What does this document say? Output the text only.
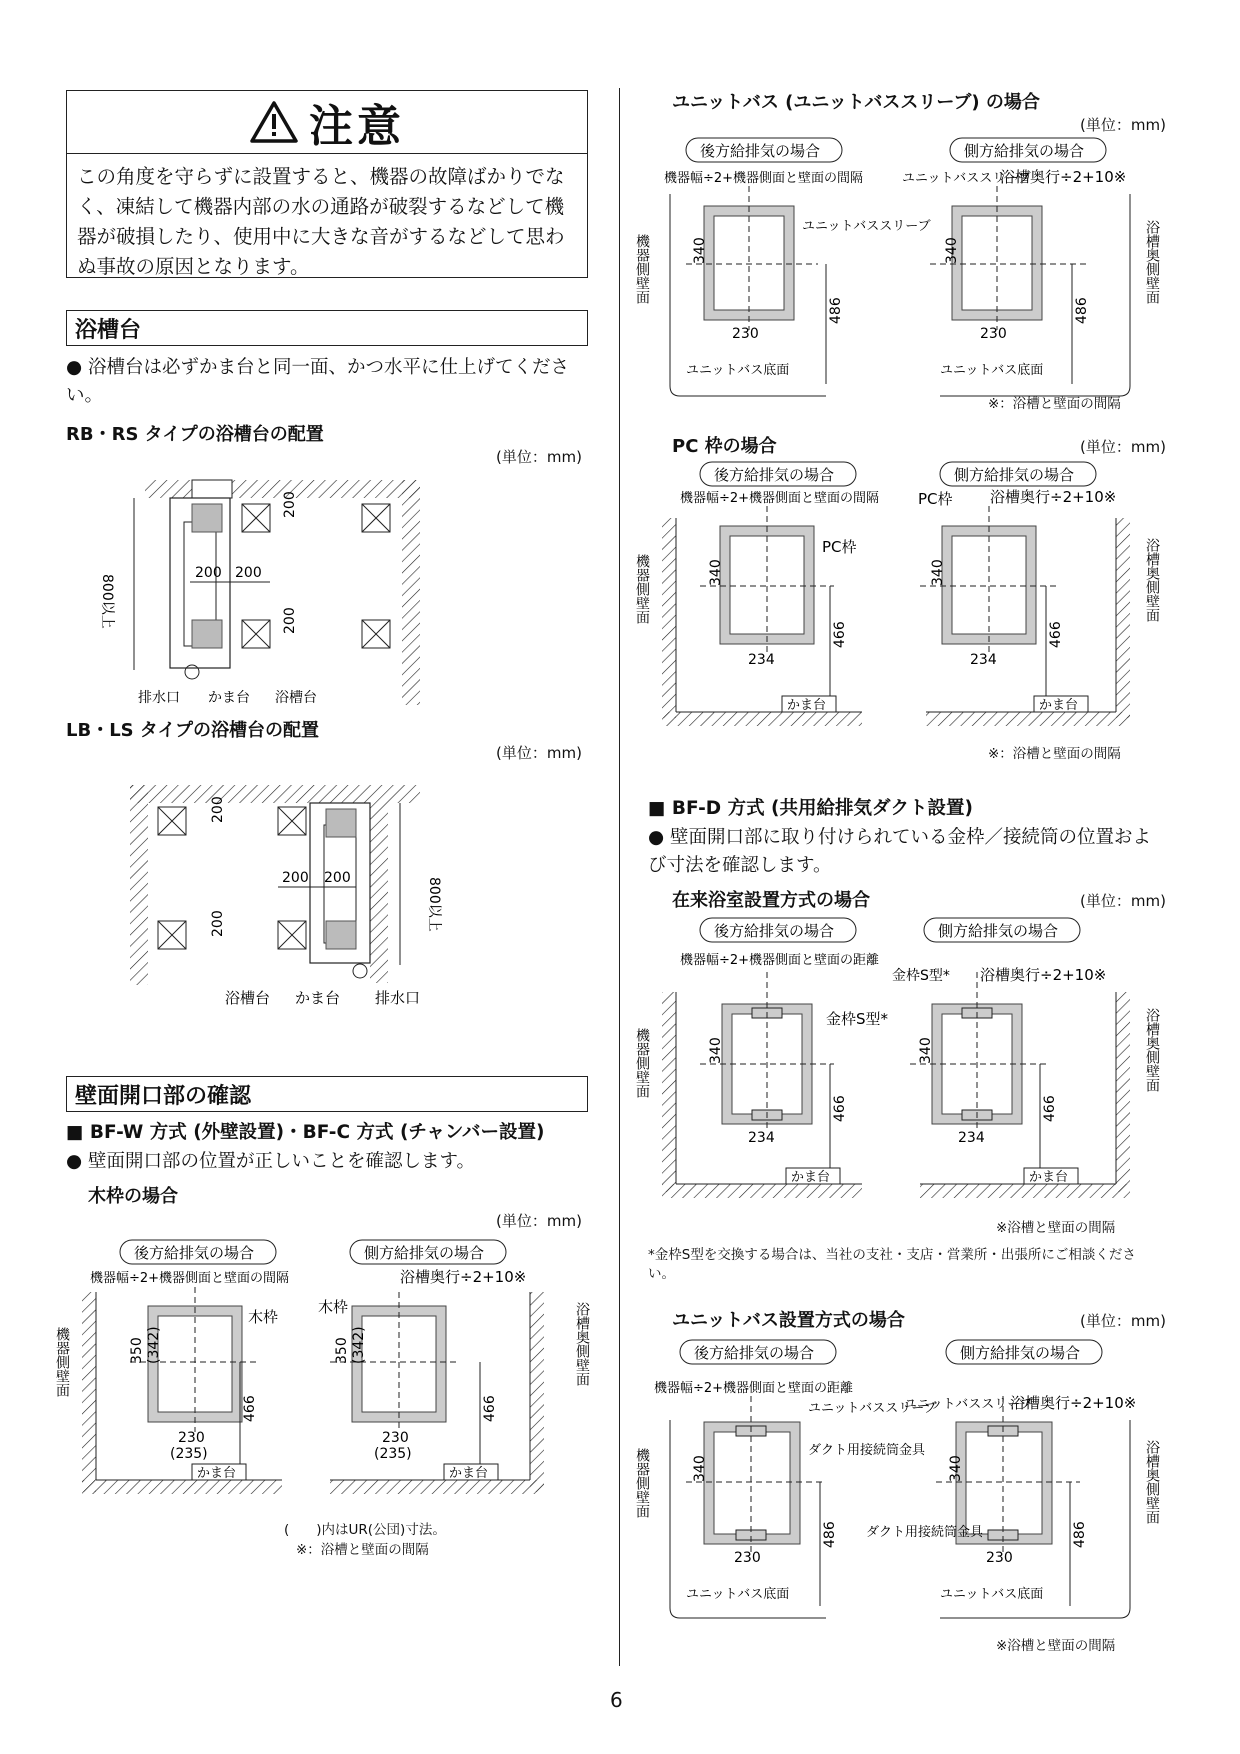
注意
この角度を守らずに設置すると、機器の故障ばかりでなく、凍結して機器内部の水の通路が破裂するなどして機器が破損したり、使用中に大きな音がするなどして思わぬ事故の原因となります。
浴槽台
● 浴槽台は必ずかま台と同一面、かつ水平に仕上げてください。
RB・RS タイプの浴槽台の配置
(単位：mm)
800以上
200 200
200
200
排水口 かま台 浴槽台
LB・LS タイプの浴槽台の配置
(単位：mm)
800以上
200
200
200 200
浴槽台 かま台 排水口
壁面開口部の確認
■ BF-W 方式 (外壁設置)・BF-C 方式 (チャンバー設置)
● 壁面開口部の位置が正しいことを確認します。
木枠の場合
(単位：mm)
後方給排気の場合	側方給排気の場合
機器幅÷2+機器側面と壁面の間隔	浴槽奥行÷2+10※
機器側壁面
木枠
350 (342)
230
(235)
466
かま台
浴槽奥側壁面
木枠
350 (342)
230
(235)
466
かま台
(　　)内はUR(公団)寸法。
※：浴槽と壁面の間隔
ユニットバス (ユニットバススリーブ) の場合
(単位：mm)
後方給排気の場合	側方給排気の場合
機器幅÷2+機器側面と壁面の間隔	浴槽奥行÷2+10※
機器側壁面	浴槽奥側壁面
ユニットバススリーブ
340
230
486
ユニットバス底面
ユニットバススリーブ
340
230
486
ユニットバス底面
※：浴槽と壁面の間隔
PC 枠の場合	(単位：mm)
後方給排気の場合	側方給排気の場合
機器幅÷2+機器側面と壁面の間隔	浴槽奥行÷2+10※
機器側壁面
PC枠
340
234
466
かま台
浴槽奥側壁面
PC枠
340
234
466
かま台
※：浴槽と壁面の間隔
■ BF-D 方式 (共用給排気ダクト設置)
● 壁面開口部に取り付けられている金枠／接続筒の位置および寸法を確認します。
在来浴室設置方式の場合	(単位：mm)
後方給排気の場合	側方給排気の場合
機器幅÷2+機器側面と壁面の距離
浴槽奥行÷2+10※
機器側壁面
金枠S型*
340
234
466
かま台
浴槽奥側壁面
金枠S型*
340
234
466
かま台
※浴槽と壁面の間隔
*金枠S型を交換する場合は、当社の支社・支店・営業所・出張所にご相談ください。
ユニットバス設置方式の場合	(単位：mm)
後方給排気の場合	側方給排気の場合
機器幅÷2+機器側面と壁面の距離
浴槽奥行÷2+10※
機器側壁面	浴槽奥側壁面
ユニットバススリーブ
ダクト用接続筒金具
340
230
486
ユニットバス底面
ユニットバススリーブ
ダクト用接続筒金具
340
230
486
ユニットバス底面
※浴槽と壁面の間隔
6
